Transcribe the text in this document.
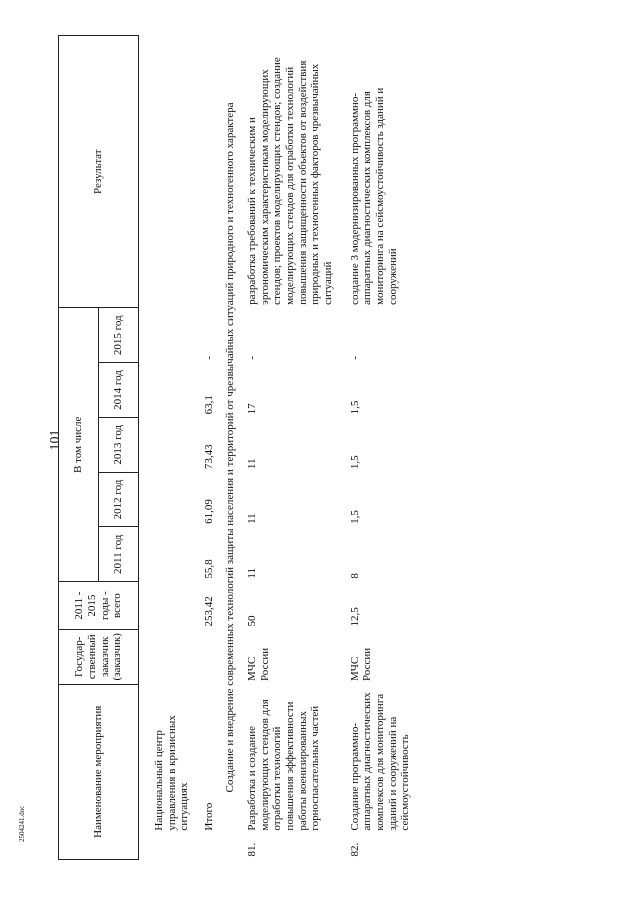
101
2504241.doc	Наименование мероприятия		Государ-ственный заказчик (заказчик)	2011 - 2015 годы - всего	В том числе					Результат
				2011 год	2012 год	2013 год	2014 год	2015 год	
	Национальный центр управления в кризисных ситуациях								
	Итого		253,42	55,8	61,09	73,43	63,1	-	
Создание и внедрение современных технологий защиты населения и территорий от чрезвычайных ситуаций природного и техногенного характера									
81.	Разработка и создание моделирующих стендов для отработки технологий повышения эффективности работы военизированных горноспасательных частей	МЧС России	50	11	11	11	17	-	разработка требований к техническим и эргономическим характеристикам моделирующих стендов; проектов моделирующих стендов; создание моделирующих стендов для отработки технологий повышения защищенности объектов от воздействия природных и техногенных факторов чрезвычайных ситуаций
82.	Создание программно-аппаратных диагностических комплексов для мониторинга зданий и сооружений на сейсмоустойчивость	МЧС России	12,5	8	1,5	1,5	1,5	-	создание 3 модернизированных программно-аппаратных диагностических комплексов для мониторинга на сейсмоустойчивость зданий и сооружений
